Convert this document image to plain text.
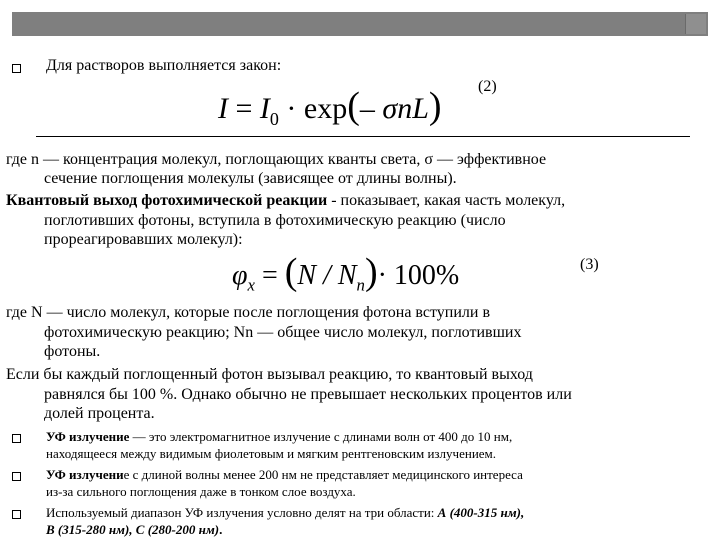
Для растворов выполняется закон:
$I = I_0 \cdot \exp(-$ σnL) (2)
где n — концентрация молекул, поглощающих кванты света, σ — эффективное
сечение поглощения молекулы (зависящее от длины волны).
Квантовый выход фотохимической реакции - показывает, какая часть молекул,
поглотивших фотоны, вступила в фотохимическую реакцию (число
прореагировавших молекул):
$\varphi_x = (N / N_n)\cdot 100\%$	(3)
где N — число молекул, которые после поглощения фотона вступили в
фотохимическую реакцию; Nn — общее число молекул, поглотивших
фотоны.
Если бы каждый поглощенный фотон вызывал реакцию, то квантовый выход
равнялся бы 100 %. Однако обычно не превышает нескольких процентов или
долей процента.
УФ излучение — это электромагнитное излучение с длинами волн от 400 до 10 нм,
находящееся между видимым фиолетовым и мягким рентгеновским излучением.
УФ излучение с длиной волны менее 200 нм не представляет медицинского интереса
из-за сильного поглощения даже в тонком слое воздуха.
Используемый диапазон УФ излучения условно делят на три области: А (400-315 нм),
В (315-280 нм), С (280-200 нм).
